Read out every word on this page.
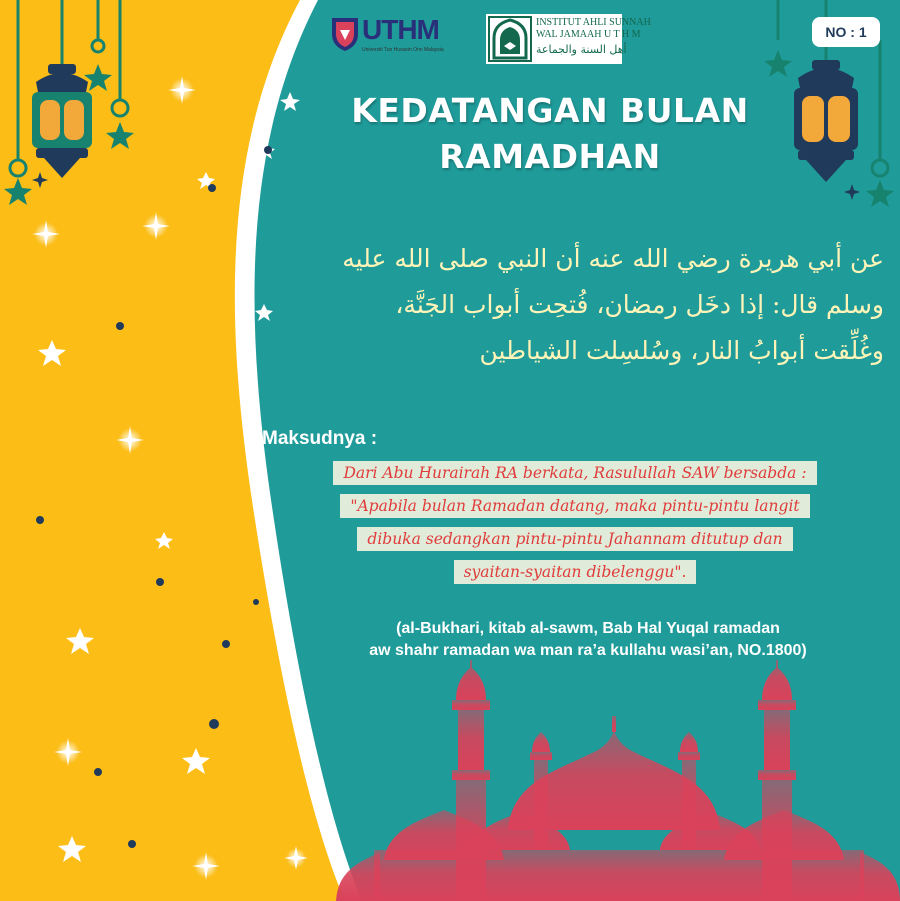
NO : 1
UTHM
Universiti Tun Hussein Onn Malaysia
INSTITUT AHLI SUNNAH
WAL JAMAAH U T H M
أهل السنة والجماعة
KEDATANGAN BULAN
RAMADHAN
عن أبي هريرة رضي الله عنه أن النبي صلى الله عليه
وسلم قال: إذا دخَل رمضان، فُتحِت أبواب الجَنَّة،
وغُلِّقت أبوابُ النار، وسُلسِلت الشياطين
Maksudnya :
Dari Abu Hurairah RA berkata, Rasulullah SAW bersabda :
"Apabila bulan Ramadan datang, maka pintu-pintu langit
dibuka sedangkan pintu-pintu Jahannam ditutup dan
syaitan-syaitan dibelenggu".
(al-Bukhari, kitab al-sawm, Bab Hal Yuqal ramadan
aw shahr ramadan wa man ra’a kullahu wasi’an, NO.1800)
